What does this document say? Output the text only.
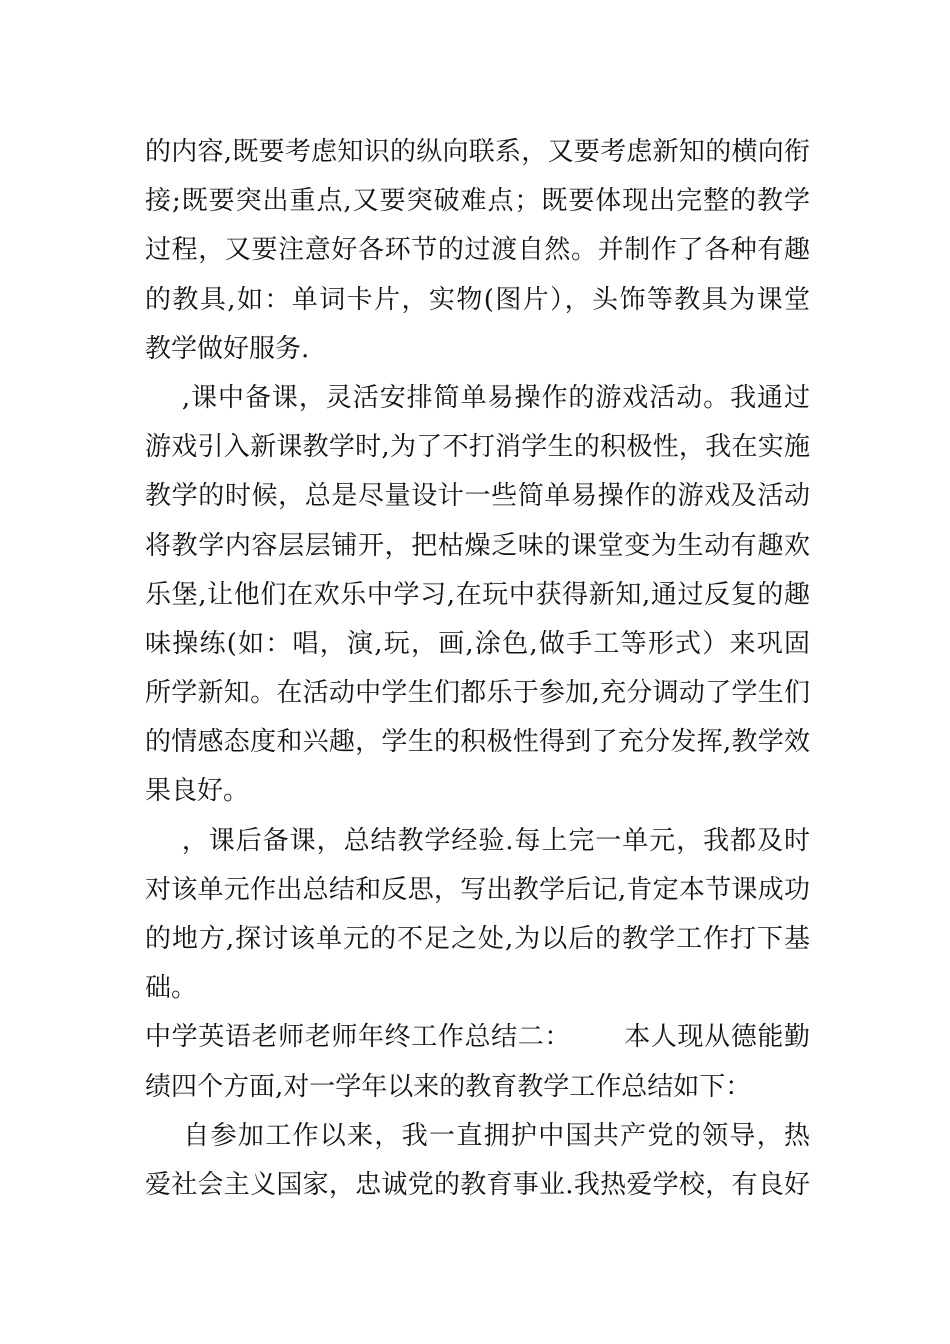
的内容,既要考虑知识的纵向联系，又要考虑新知的横向衔
接;既要突出重点,又要突破难点；既要体现出完整的教学
过程，又要注意好各环节的过渡自然。并制作了各种有趣
的教具,如：单词卡片，实物(图片），头饰等教具为课堂
教学做好服务.
,课中备课，灵活安排简单易操作的游戏活动。我通过
游戏引入新课教学时,为了不打消学生的积极性，我在实施
教学的时候，总是尽量设计一些简单易操作的游戏及活动
将教学内容层层铺开，把枯燥乏味的课堂变为生动有趣欢
乐堡,让他们在欢乐中学习,在玩中获得新知,通过反复的趣
味操练(如：唱，演,玩，画,涂色,做手工等形式）来巩固
所学新知。在活动中学生们都乐于参加,充分调动了学生们
的情感态度和兴趣，学生的积极性得到了充分发挥,教学效
果良好。
，课后备课，总结教学经验.每上完一单元，我都及时
对该单元作出总结和反思，写出教学后记,肯定本节课成功
的地方,探讨该单元的不足之处,为以后的教学工作打下基
础。
中学英语老师老师年终工作总结二：      本人现从德能勤
绩四个方面,对一学年以来的教育教学工作总结如下：
自参加工作以来，我一直拥护中国共产党的领导，热
爱社会主义国家，忠诚党的教育事业.我热爱学校，有良好
